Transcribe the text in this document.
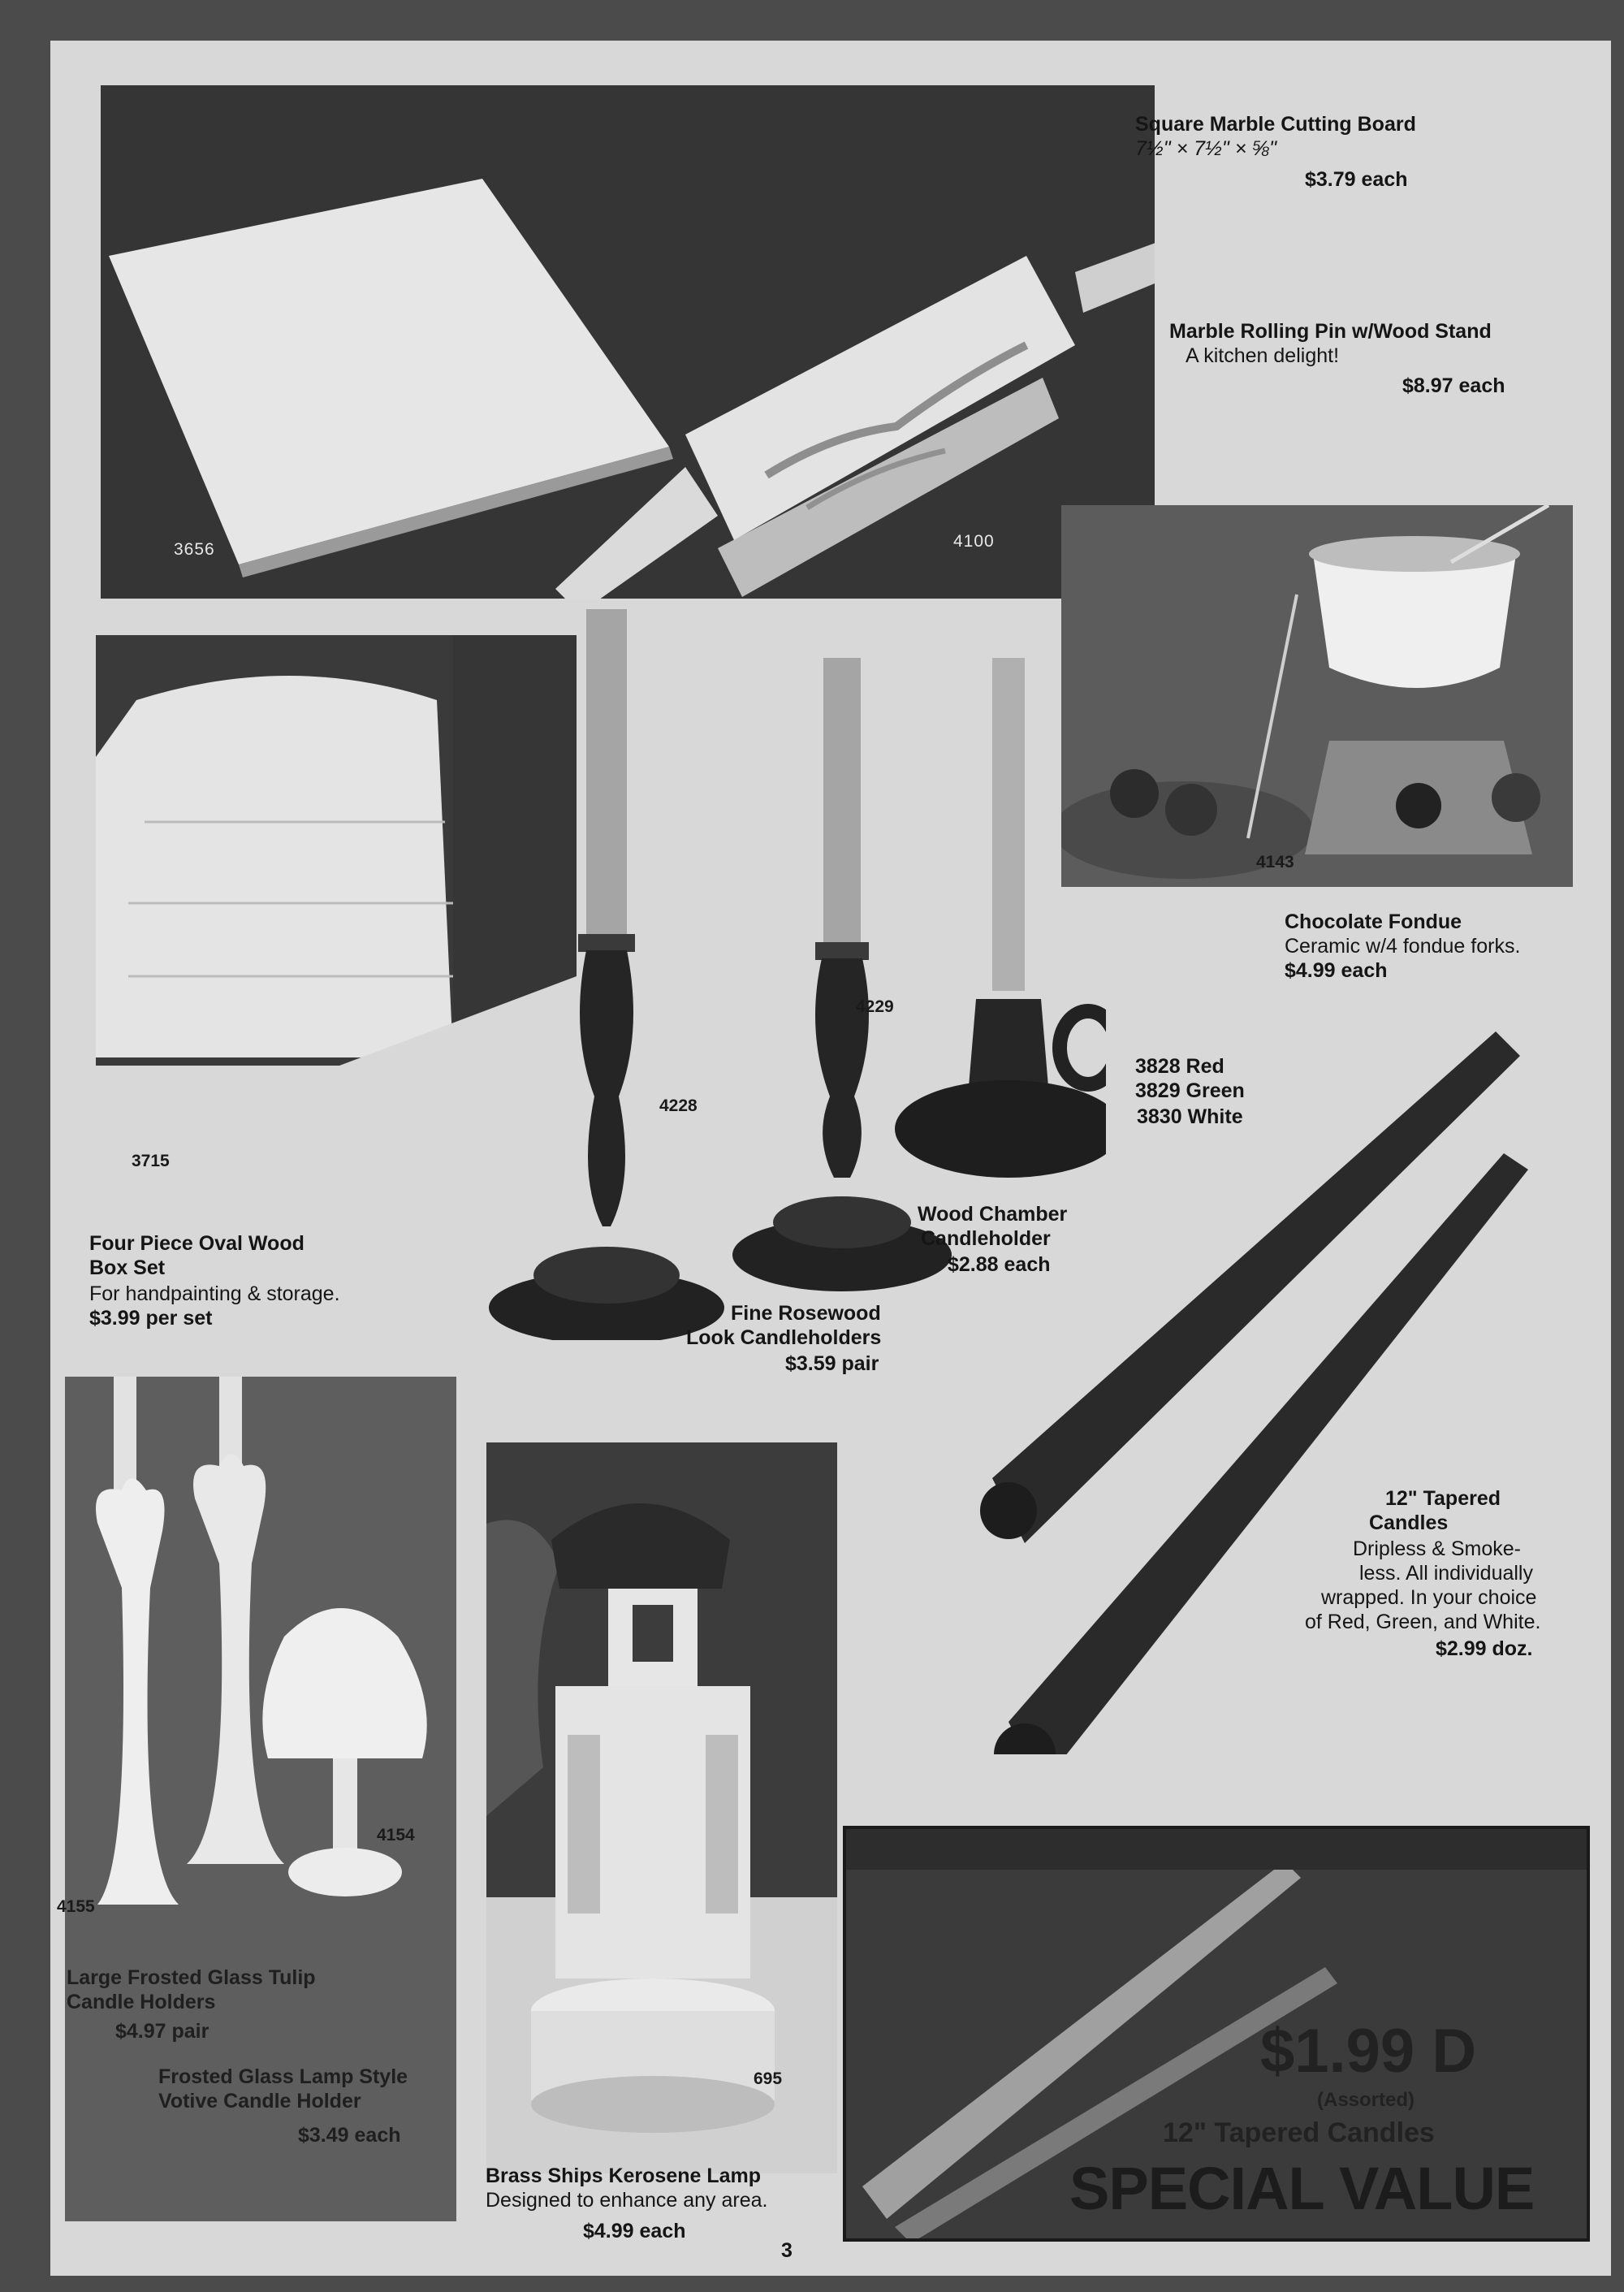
3656	4100
Square Marble Cutting Board
7½" × 7½" × ⅝"
$3.79 each
Marble Rolling Pin w/Wood Stand
A kitchen delight!
$8.97 each
4143
Chocolate Fondue
Ceramic w/4 fondue forks.
$4.99 each
3715
Four Piece Oval Wood
Box Set
For handpainting & storage.
$3.99 per set
4228
4229
Wood Chamber
Candleholder
$2.88 each
Fine Rosewood
Look Candleholders
$3.59 pair
3828 Red
3829 Green
3830 White
12" Tapered
Candles
Dripless & Smoke-
less. All individually
wrapped. In your choice
of Red, Green, and White.
$2.99 doz.
4155
4154
Large Frosted Glass Tulip
Candle Holders
$4.97 pair
Frosted Glass Lamp Style
Votive Candle Holder
$3.49 each
695
Brass Ships Kerosene Lamp
Designed to enhance any area.
$4.99 each
3
$1.99 D
(Assorted)
12" Tapered Candles
SPECIAL VALUE
